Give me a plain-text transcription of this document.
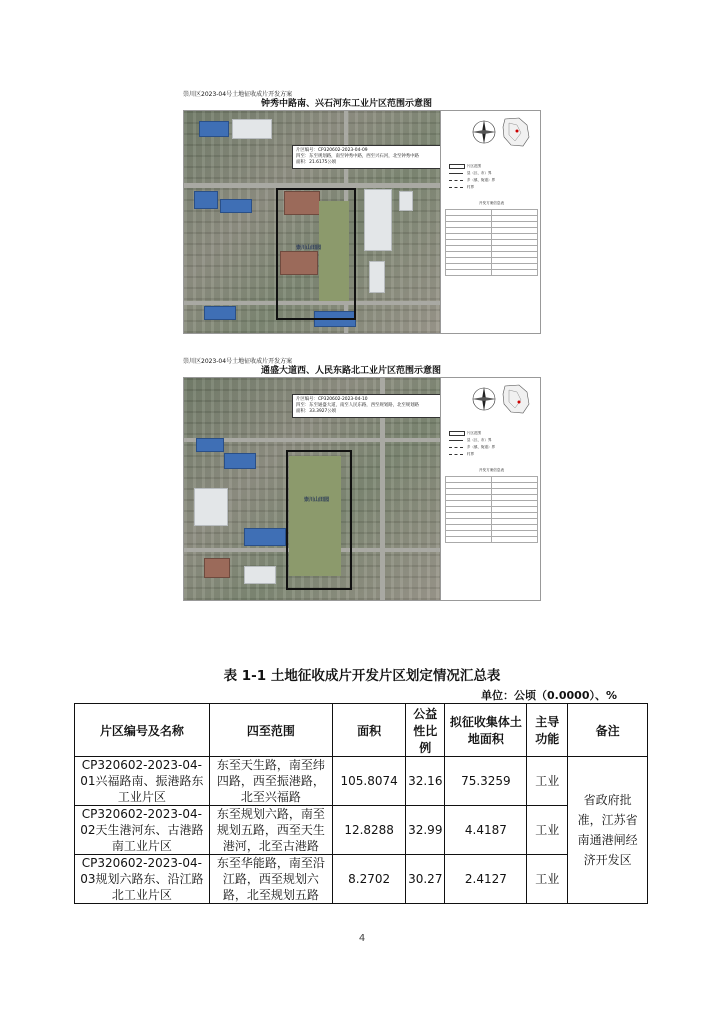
崇川区2023-04号土地征收成片开发方案
钟秀中路南、兴石河东工业片区范围示意图
片区编号：CP320602-2023-04-09
四至：东至规划路，南至钟秀中路，西至兴石河，北至钟秀中路
面积：21.6175公顷
崇川山田园
片区范围
县（区、市）界
乡（镇、街道）界
村界
开发方案信息表

崇川区2023-04号土地征收成片开发方案
通盛大道西、人民东路北工业片区范围示意图
片区编号：CP320602-2023-04-10
四至：东至通盛大道，南至人民东路，西至规划路，北至规划路
面积：33.3927公顷
崇川山田园
片区范围
县（区、市）界
乡（镇、街道）界
村界
开发方案信息表

表 1-1 土地征收成片开发片区划定情况汇总表
单位：公顷（0.0000）、%
片区编号及名称	四至范围	面积	公益性比例	拟征收集体土地面积	主导功能	备注
CP320602-2023-04-01兴福路南、振港路东工业片区	东至天生路，南至纬四路，西至振港路，北至兴福路	105.8074	32.16	75.3259	工业	省政府批准，江苏省南通港闸经济开发区
CP320602-2023-04-02天生港河东、古港路南工业片区	东至规划六路，南至规划五路，西至天生港河，北至古港路	12.8288	32.99	4.4187	工业	
CP320602-2023-04-03规划六路东、沿江路北工业片区	东至华能路，南至沿江路，西至规划六路，北至规划五路	8.2702	30.27	2.4127	工业	
4
